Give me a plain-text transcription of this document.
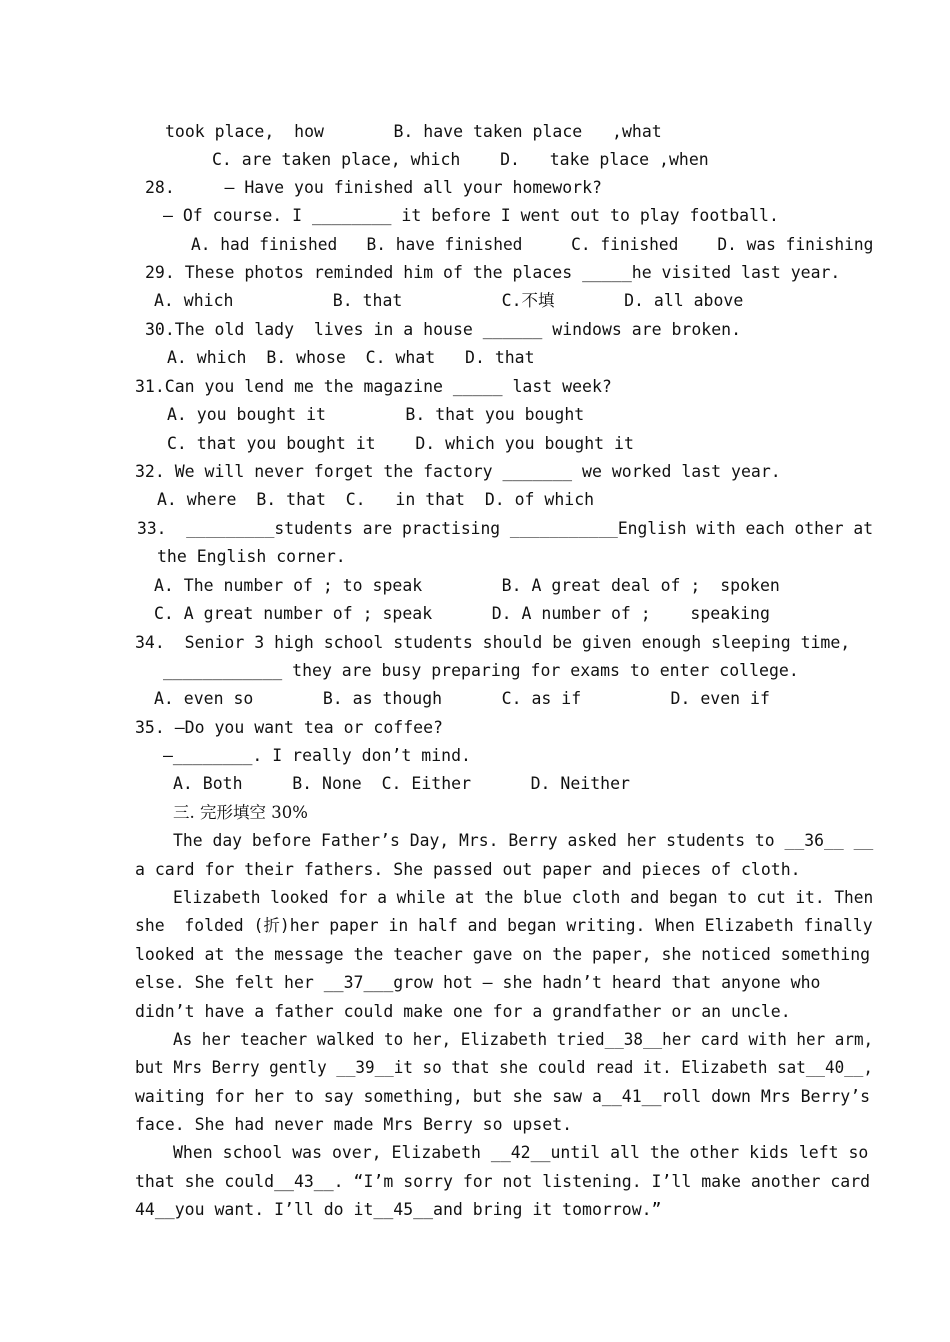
took place,  how       B. have taken place   ,what
C. are taken place, which    D.   take place ,when
28.     — Have you finished all your homework?
— Of course. I ________ it before I went out to play football.
A. had finished   B. have finished     C. finished    D. was finishing
29. These photos reminded him of the places _____he visited last year.
A. which          B. that          C.不填       D. all above
30.The old lady  lives in a house ______ windows are broken.
A. which  B. whose  C. what   D. that
31.Can you lend me the magazine _____ last week?
A. you bought it        B. that you bought
C. that you bought it    D. which you bought it
32. We will never forget the factory _______ we worked last year.
A. where  B. that  C.   in that  D. of which
33.  _________students are practising ___________English with each other at
the English corner.
A. The number of ; to speak        B. A great deal of ;  spoken
C. A great number of ; speak      D. A number of ;    speaking
34.  Senior 3 high school students should be given enough sleeping time,
____________ they are busy preparing for exams to enter college.
A. even so       B. as though      C. as if         D. even if
35. —Do you want tea or coffee?
—________. I really don’t mind.
A. Both     B. None  C. Either      D. Neither
三. 完形填空 30%
The day before Father’s Day, Mrs. Berry asked her students to __36__ __
a card for their fathers. She passed out paper and pieces of cloth.
Elizabeth looked for a while at the blue cloth and began to cut it. Then
she  folded (折)her paper in half and began writing. When Elizabeth finally
looked at the message the teacher gave on the paper, she noticed something
else. She felt her __37___grow hot — she hadn’t heard that anyone who
didn’t have a father could make one for a grandfather or an uncle.
As her teacher walked to her, Elizabeth tried__38__her card with her arm,
but Mrs Berry gently __39__it so that she could read it. Elizabeth sat__40__,
waiting for her to say something, but she saw a__41__roll down Mrs Berry’s
face. She had never made Mrs Berry so upset.
When school was over, Elizabeth __42__until all the other kids left so
that she could__43__. “I’m sorry for not listening. I’ll make another card
44__you want. I’ll do it__45__and bring it tomorrow.”
